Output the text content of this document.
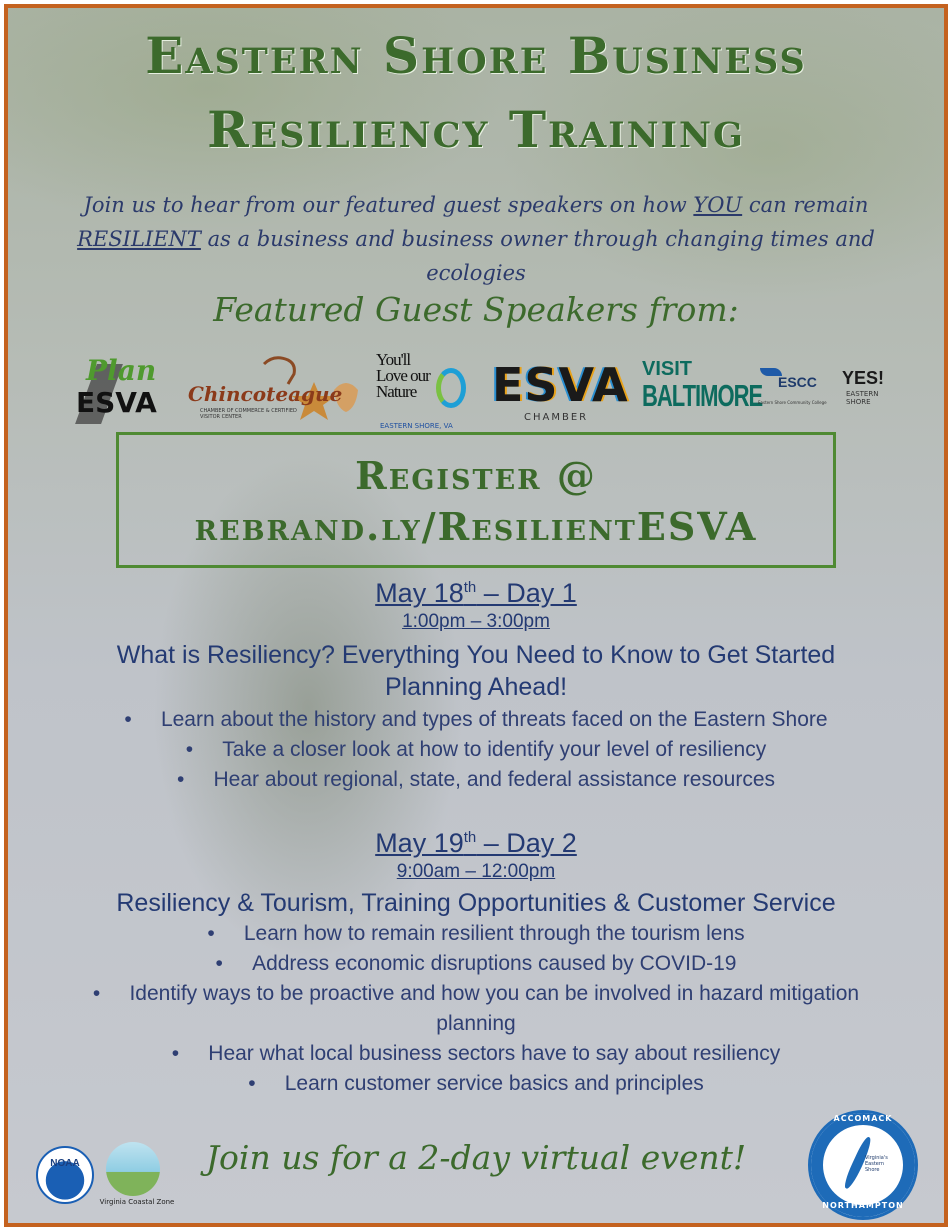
Eastern Shore Business
Resiliency Training
Join us to hear from our featured guest speakers on how YOU can remain
RESILIENT as a business and business owner through changing times and ecologies
Featured Guest Speakers from:
Plan
ESVA Chincoteague
CHAMBER OF COMMERCE & CERTIFIED VISITOR CENTER
You'll Love our Nature
EASTERN SHORE, VA
ESVA
CHAMBER
VISIT
BALTIMORE ESCC
Eastern Shore Community College
YES!
EASTERN SHORE
Register @
rebrand.ly/ResilientESVA
May 18th – Day 1
1:00pm – 3:00pm
What is Resiliency? Everything You Need to Know to Get Started Planning Ahead!
•     Learn about the history and types of threats faced on the Eastern Shore
•     Take a closer look at how to identify your level of resiliency
•     Hear about regional, state, and federal assistance resources
May 19th – Day 2
9:00am – 12:00pm
Resiliency & Tourism, Training Opportunities & Customer Service
•     Learn how to remain resilient through the tourism lens
•     Address economic disruptions caused by COVID-19
•     Identify ways to be proactive and how you can be involved in hazard mitigation planning
•     Hear what local business sectors have to say about resiliency
•     Learn customer service basics and principles
NOAA
Virginia Coastal Zone
Join us for a 2-day virtual event!
ACCOMACK
NORTHAMPTON
Virginia's Eastern Shore
